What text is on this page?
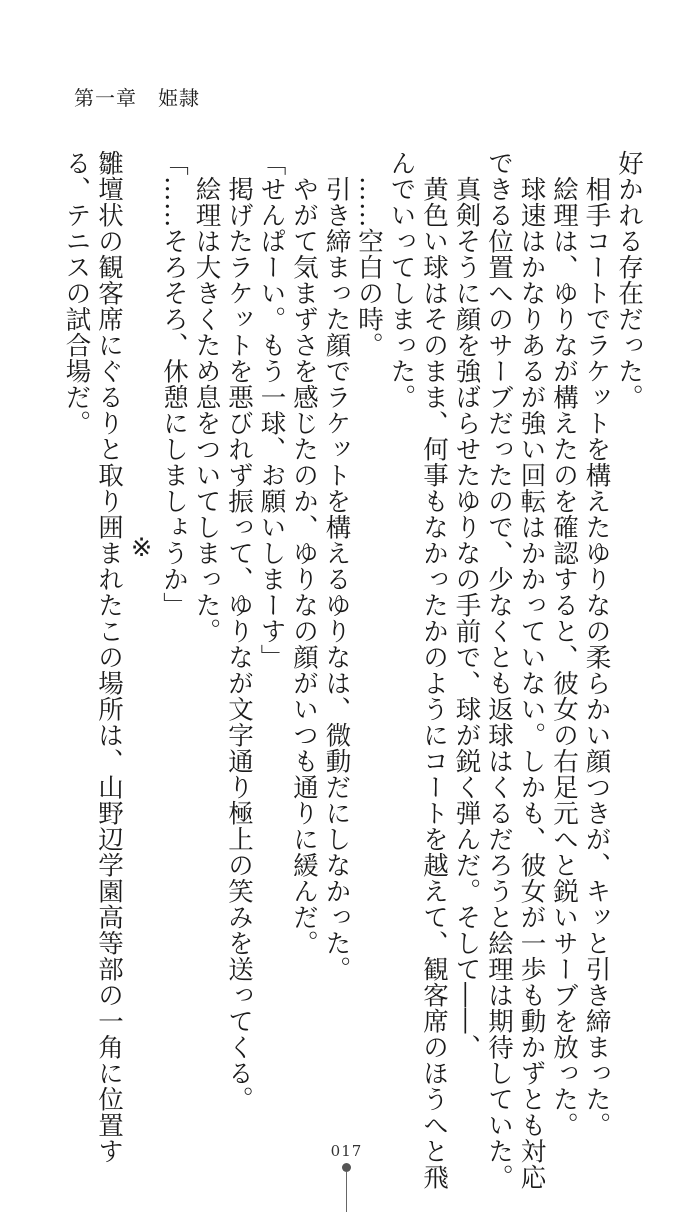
第一章　姫隷
好かれる存在だった。
相手コートでラケットを構えたゆりなの柔らかい顔つきが、キッと引き締まった。
絵理は、ゆりなが構えたのを確認すると、彼女の右足元へと鋭いサーブを放った。
球速はかなりあるが強い回転はかかっていない。しかも、彼女が一歩も動かずとも対応
できる位置へのサーブだったので、少なくとも返球はくるだろうと絵理は期待していた。
真剣そうに顔を強ばらせたゆりなの手前で、球が鋭く弾んだ。そして――、
黄色い球はそのまま、何事もなかったかのようにコートを越えて、観客席のほうへと飛
んでいってしまった。
……空白の時。
引き締まった顔でラケットを構えるゆりなは、微動だにしなかった。
やがて気まずさを感じたのか、ゆりなの顔がいつも通りに緩んだ。
「せんぱーい。もう一球、お願いしまーす」
掲げたラケットを悪びれず振って、ゆりなが文字通り極上の笑みを送ってくる。
絵理は大きくため息をついてしまった。
「……そろそろ、休憩にしましょうか」
※
雛壇状の観客席にぐるりと取り囲まれたこの場所は、山野辺学園高等部の一角に位置す
る、テニスの試合場だ。
017
